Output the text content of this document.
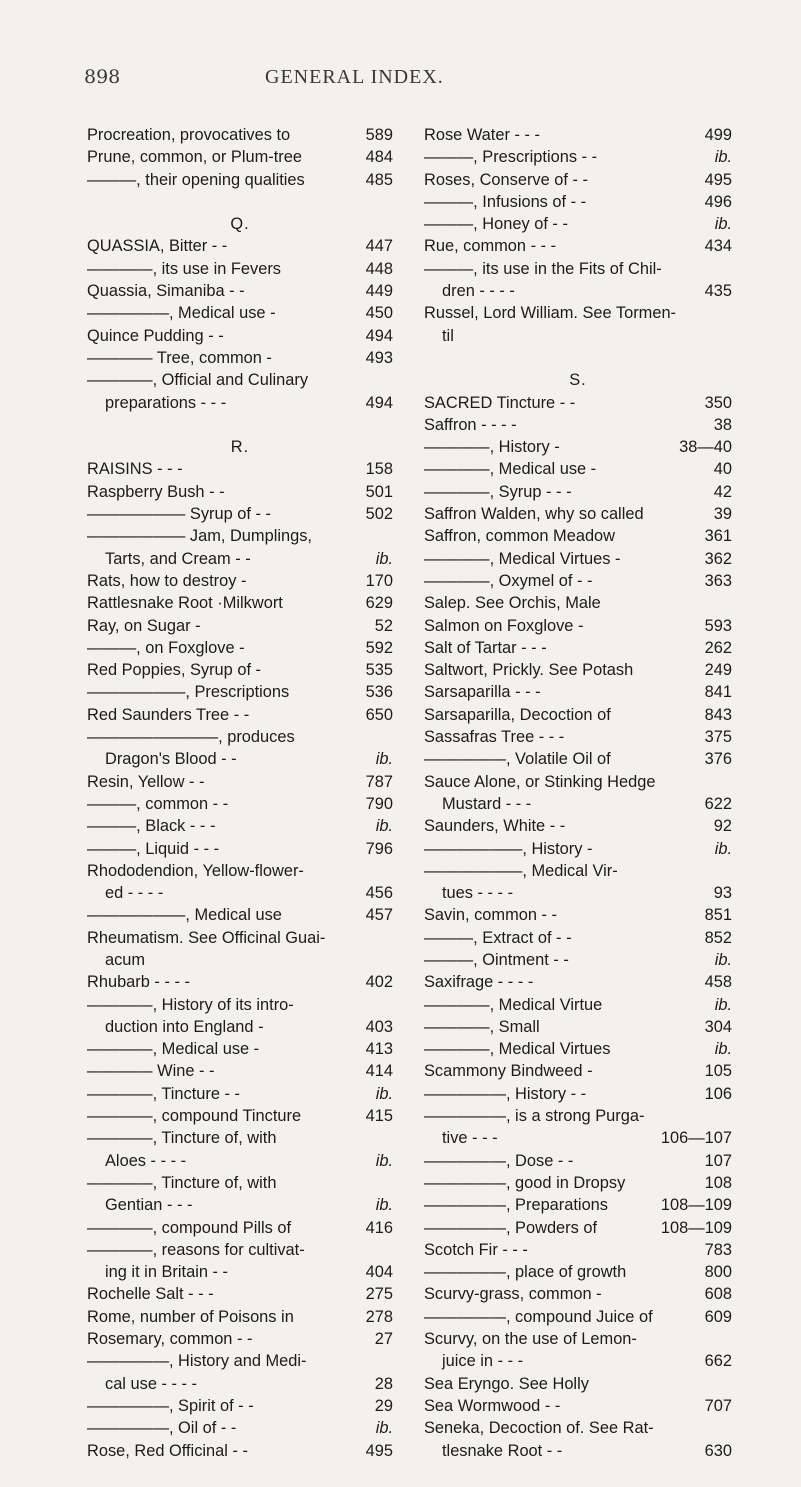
898	GENERAL INDEX.
Procreation, provocatives to	589
Prune, common, or Plum-tree	484
———, their opening qualities	485
Q.
QUASSIA, Bitter - -	447
————, its use in Fevers	448
Quassia, Simaniba - -	449
—————, Medical use -	450
Quince Pudding - -	494
———— Tree, common -	493
————, Official and Culinary
preparations - - -	494
R.
RAISINS - - -	158
Raspberry Bush - -	501
—————— Syrup of - -	502
—————— Jam, Dumplings,
Tarts, and Cream - -	ib.
Rats, how to destroy -	170
Rattlesnake Root ·Milkwort	629
Ray, on Sugar -	52
———, on Foxglove -	592
Red Poppies, Syrup of -	535
——————, Prescriptions	536
Red Saunders Tree - -	650
————————, produces
Dragon's Blood - -	ib.
Resin, Yellow - -	787
———, common - -	790
———, Black - - -	ib.
———, Liquid - - -	796
Rhododendion, Yellow-flower-
ed - - - -	456
——————, Medical use	457
Rheumatism. See Officinal Guai-
acum
Rhubarb - - - -	402
————, History of its intro-
duction into England -	403
————, Medical use -	413
———— Wine - -	414
————, Tincture - -	ib.
————, compound Tincture	415
————, Tincture of, with
Aloes - - - -	ib.
————, Tincture of, with
Gentian - - -	ib.
————, compound Pills of	416
————, reasons for cultivat-
ing it in Britain - -	404
Rochelle Salt - - -	275
Rome, number of Poisons in	278
Rosemary, common - -	27
—————, History and Medi-
cal use - - - -	28
—————, Spirit of - -	29
—————, Oil of - -	ib.
Rose, Red Officinal - -	495
Rose Water - - -	499
———, Prescriptions - -	ib.
Roses, Conserve of - -	495
———, Infusions of - -	496
———, Honey of - -	ib.
Rue, common - - -	434
———, its use in the Fits of Chil-
dren - - - -	435
Russel, Lord William. See Tormen-
til
S.
SACRED Tincture - -	350
Saffron - - - -	38
————, History -	38—40
————, Medical use -	40
————, Syrup - - -	42
Saffron Walden, why so called	39
Saffron, common Meadow	361
————, Medical Virtues -	362
————, Oxymel of - -	363
Salep. See Orchis, Male
Salmon on Foxglove -	593
Salt of Tartar - - -	262
Saltwort, Prickly. See Potash	249
Sarsaparilla - - -	841
Sarsaparilla, Decoction of	843
Sassafras Tree - - -	375
—————, Volatile Oil of	376
Sauce Alone, or Stinking Hedge
Mustard - - -	622
Saunders, White - -	92
——————, History -	ib.
——————, Medical Vir-
tues - - - -	93
Savin, common - -	851
———, Extract of - -	852
———, Ointment - -	ib.
Saxifrage - - - -	458
————, Medical Virtue	ib.
————, Small	304
————, Medical Virtues	ib.
Scammony Bindweed -	105
—————, History - -	106
—————, is a strong Purga-
tive - - -	106—107
—————, Dose - -	107
—————, good in Dropsy	108
—————, Preparations	108—109
—————, Powders of	108—109
Scotch Fir - - -	783
—————, place of growth	800
Scurvy-grass, common -	608
—————, compound Juice of	609
Scurvy, on the use of Lemon-
juice in - - -	662
Sea Eryngo. See Holly
Sea Wormwood - -	707
Seneka, Decoction of. See Rat-
tlesnake Root - -	630
